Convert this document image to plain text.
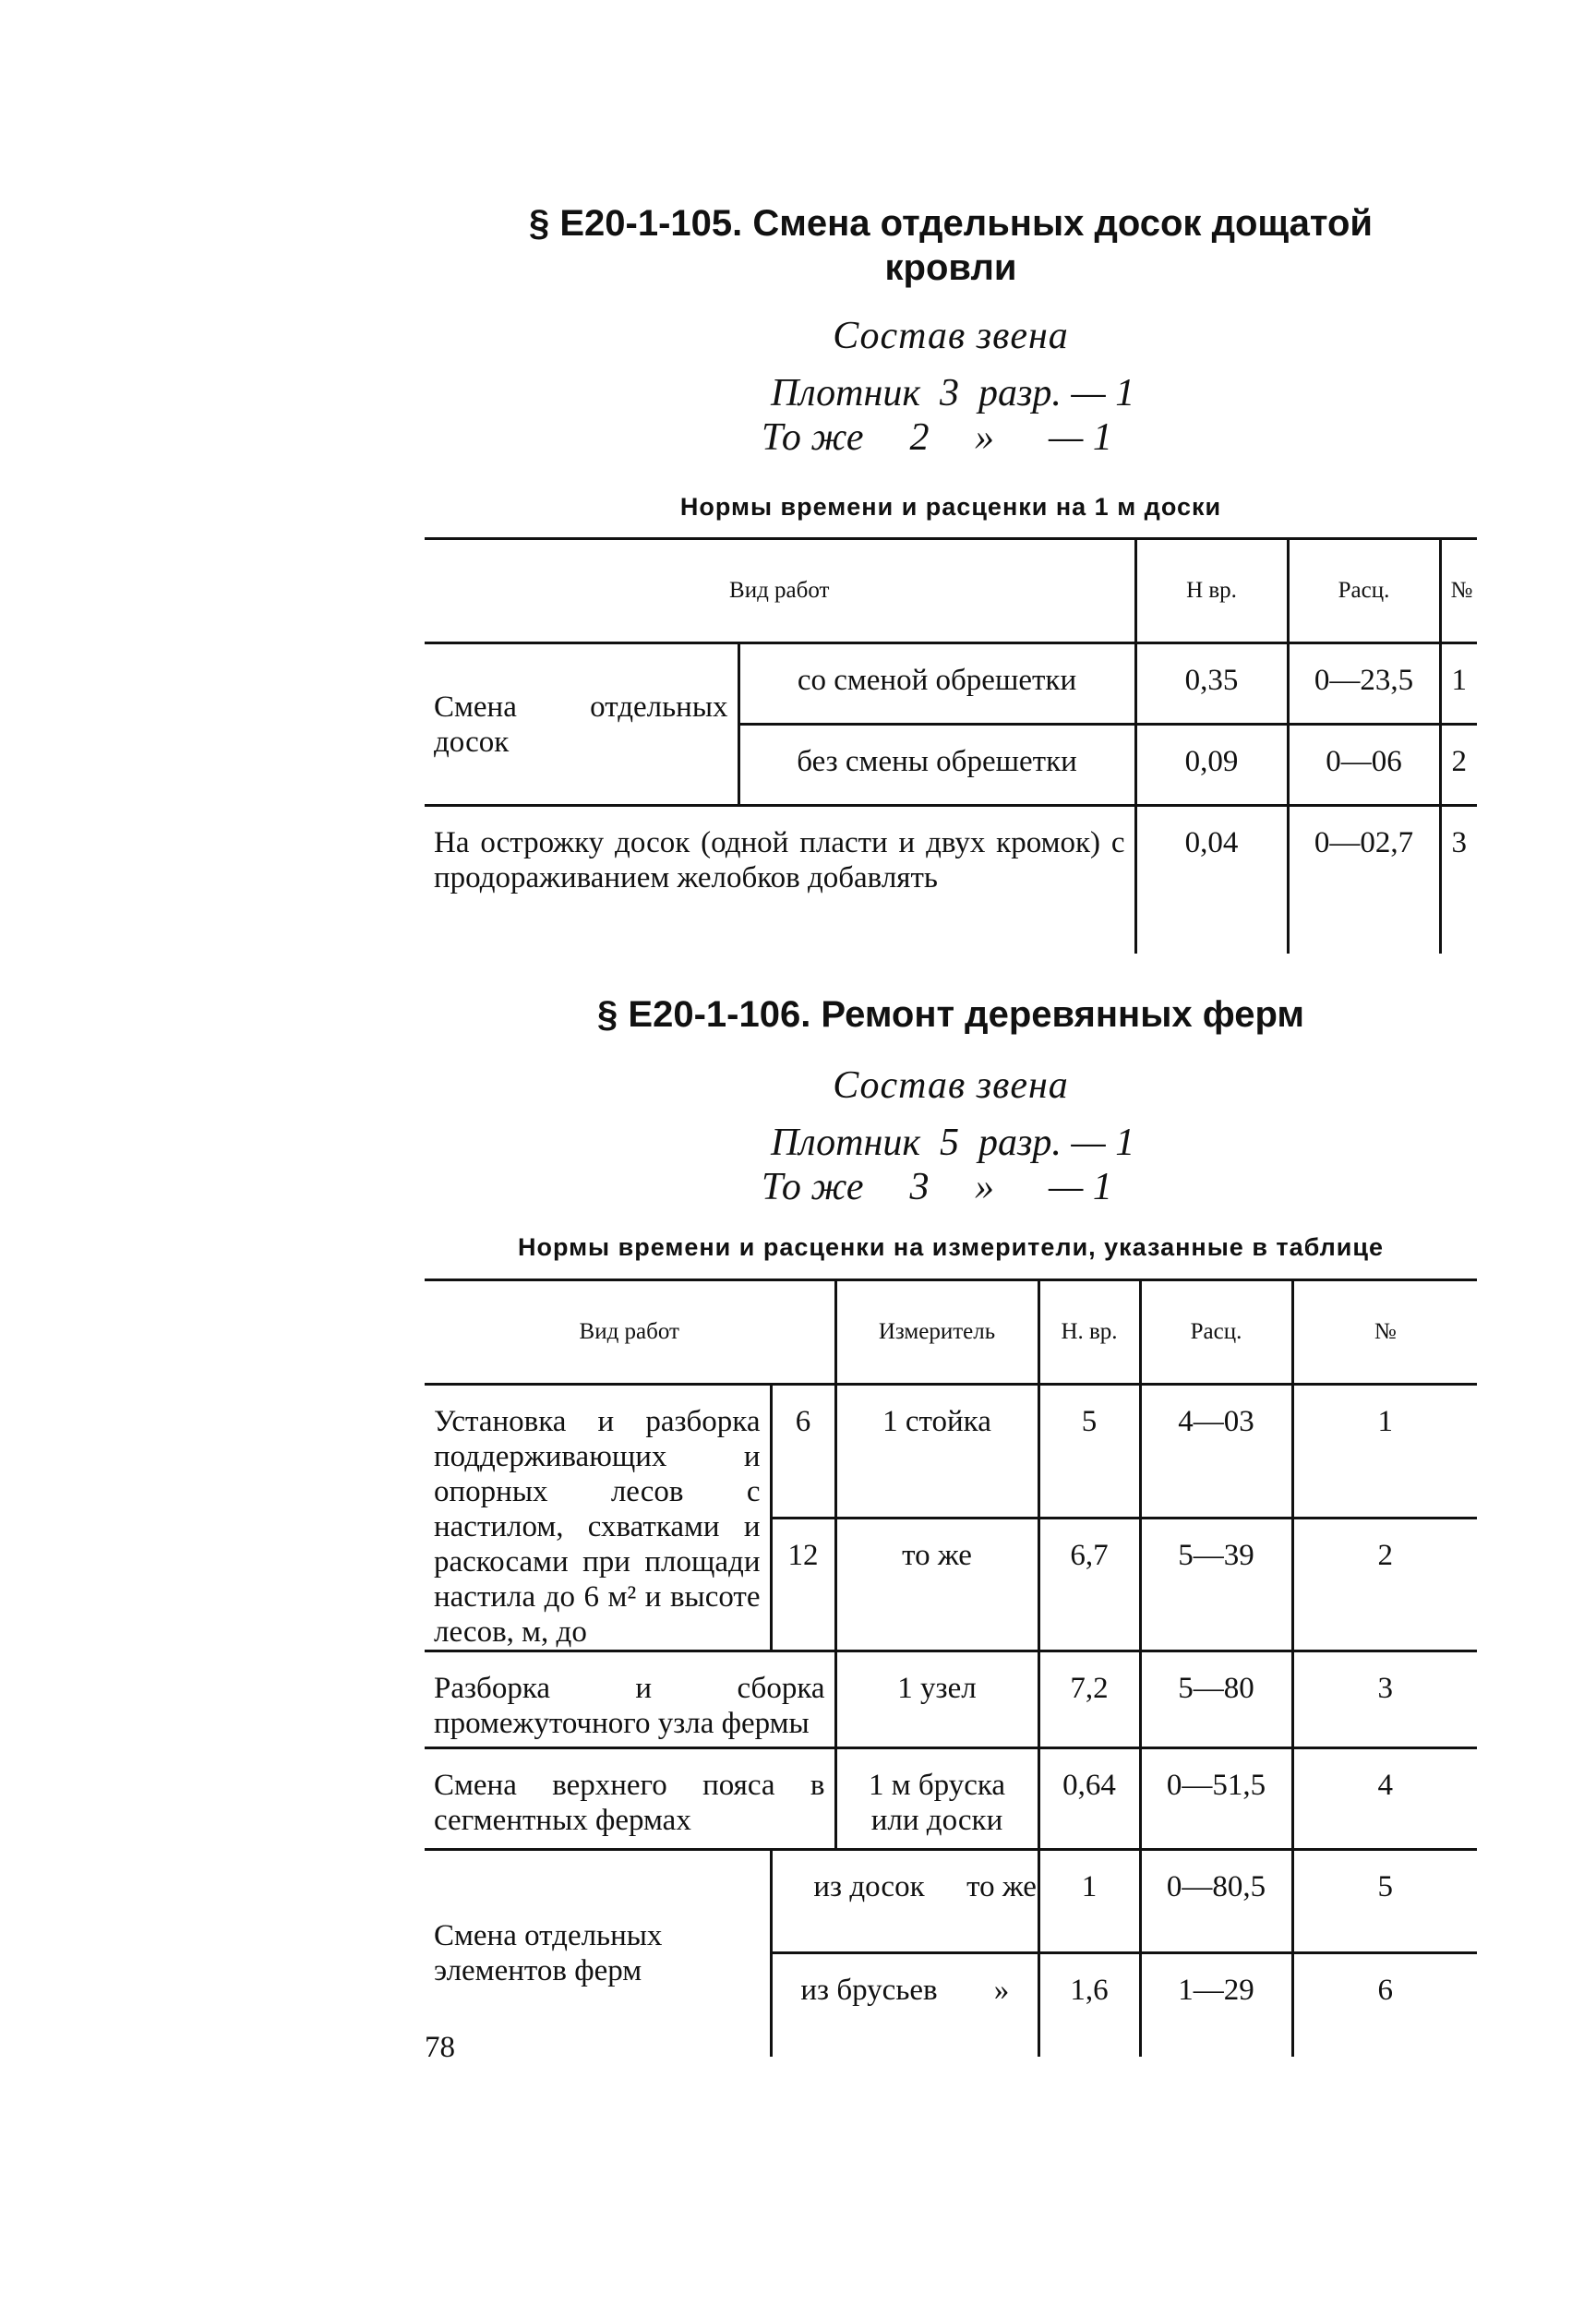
§ Е20-1-105. Смена отдельных досок дощатой
кровли
Состав звена
Плотник 3 разр. — 1
То же 2 » — 1
Нормы времени и расценки на 1 м доски
Вид работ		Н вр.	Расц.	№
Смена отдельных досок	со сменой обрешетки	0,35	0—23,5	1
	без смены обрешетки	0,09	0—06	2
На острожку досок (одной пласти и двух кромок) с продораживанием желобков добавлять		0,04	0—02,7	3
§ Е20-1-106. Ремонт деревянных ферм
Состав звена
Плотник 5 разр. — 1
То же 3 » — 1
Нормы времени и расценки на измерители, указанные в таблице
Вид работ		Измеритель	Н. вр.	Расц.	№
Установка и разборка поддерживающих и опорных лесов с настилом, схватками и раскосами при площади настила до 6 м² и высоте лесов, м, до	6	1 стойка	5	4—03	1
	12	то же	6,7	5—39	2
Разборка и сборка промежуточного узла фермы		1 узел	7,2	5—80	3
Смена верхнего пояса в сегментных фермах		1 м бруска или доски	0,64	0—51,5	4
Смена отдельных элементов ферм	из досок то же		1	0—80,5	5

	из брусьев »		1,6	1—29	6
78
